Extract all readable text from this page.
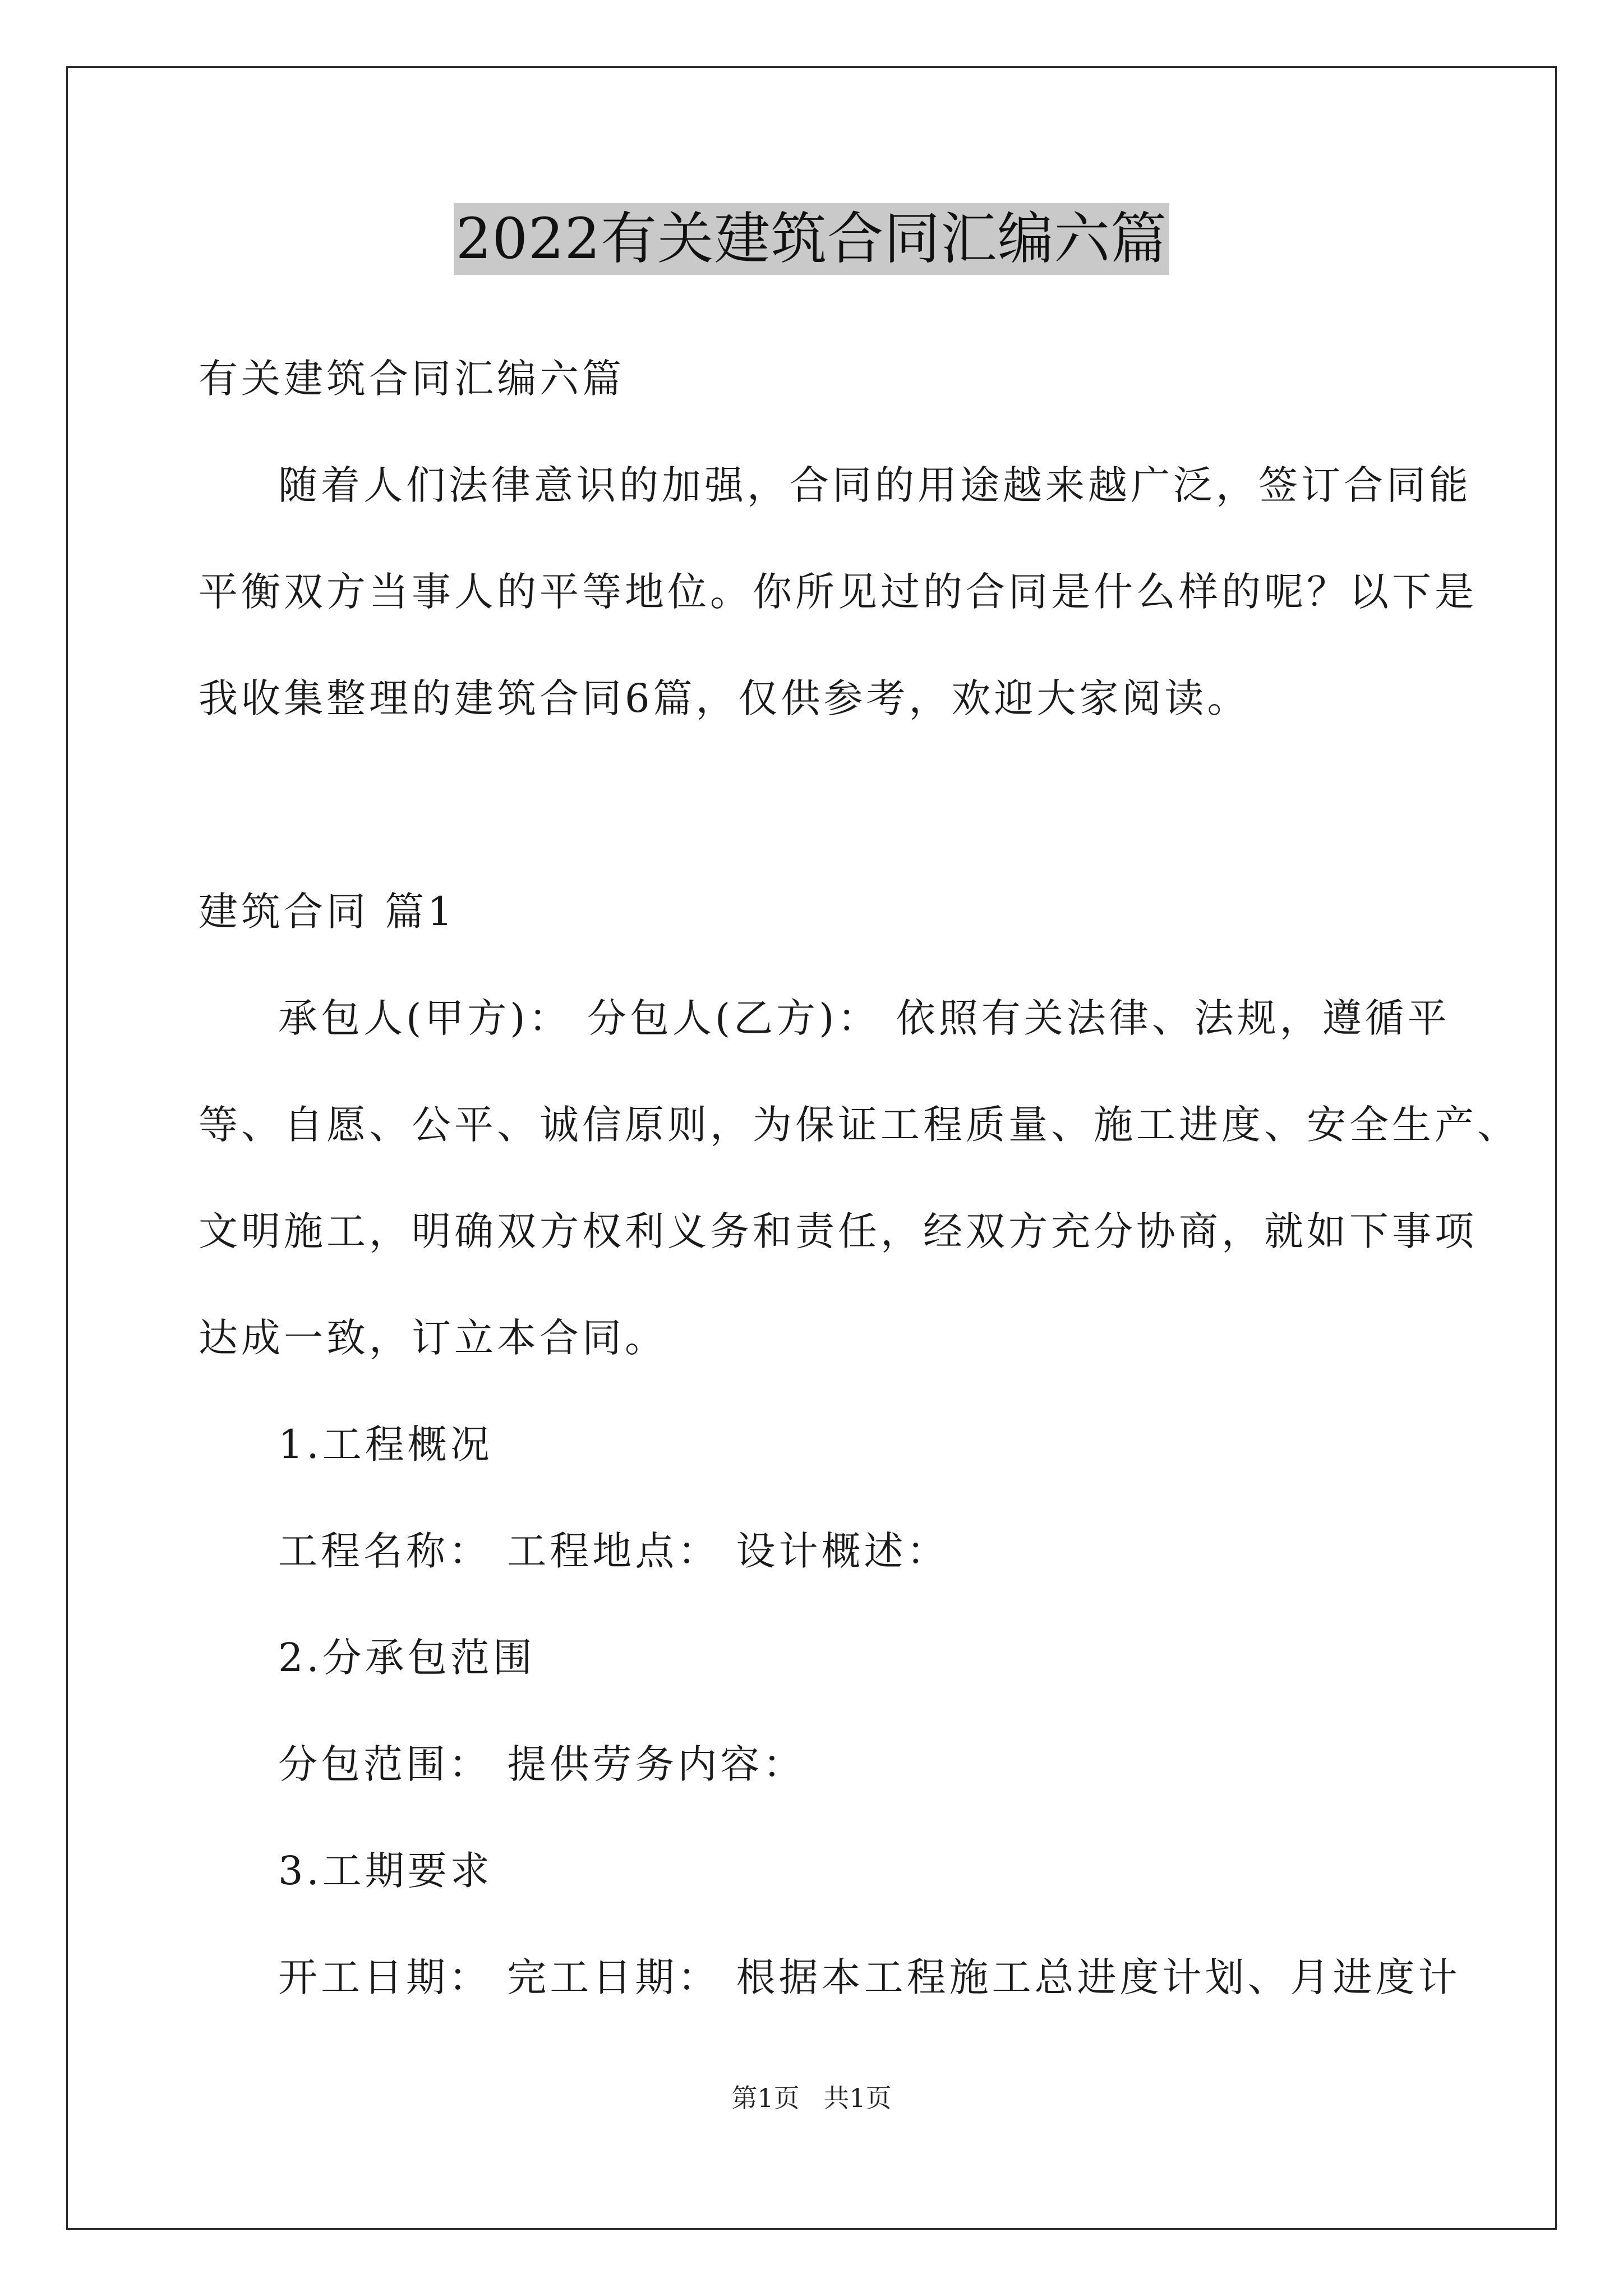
2022有关建筑合同汇编六篇
有关建筑合同汇编六篇
随着人们法律意识的加强，合同的用途越来越广泛，签订合同能
平衡双方当事人的平等地位。你所见过的合同是什么样的呢？以下是
我收集整理的建筑合同6篇，仅供参考，欢迎大家阅读。
建筑合同 篇1
承包人(甲方)： 分包人(乙方)： 依照有关法律、法规，遵循平
等、自愿、公平、诚信原则，为保证工程质量、施工进度、安全生产、
文明施工，明确双方权利义务和责任，经双方充分协商，就如下事项
达成一致，订立本合同。
1.工程概况
工程名称： 工程地点： 设计概述：
2.分承包范围
分包范围： 提供劳务内容：
3.工期要求
开工日期： 完工日期： 根据本工程施工总进度计划、月进度计
第1页 共1页
